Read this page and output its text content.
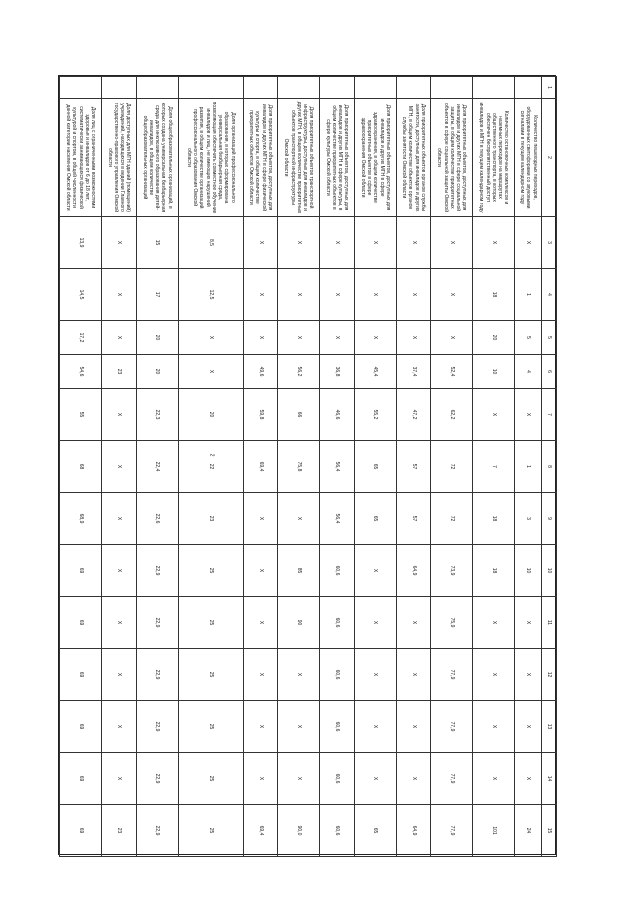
2
1	2	3	4	5	6	7	8	9	10	11	12	13	14	15
	Количество пешеходных переходов, оборудованных светофорами со звуковыми сигналами в текущем календарном году	X	1	5	4	X	1	3	10	X	X	X	X	24
	Количество остановочных комплексов и наземных переходов на маршрутах общественного транспорта, в которых обеспечен беспрепятственный доступ инвалидов и МГН в текущем календарном году	X	18	20	10	X	7	18	18	X	X	X	X	101
	Доля приоритетных объектов, доступных для инвалидов и других МГН в сфере социальной защиты, в общем количестве приоритетных объектов в сфере социальной защиты Омской области	X	X	X	52,4	62,2	72	72	73,9	75,9	77,9	77,9	77,9	77,9
	Доля приоритетных объектов органов службы занятости, доступных для инвалидов и других МГН, в общем количестве объектов органов службы занятости Омской области	X	X	X	37,4	47,2	57	57	64,9	X	X	X	X	64,9
	Доля приоритетных объектов, доступных для инвалидов и других МГН в сфере здравоохранения, в общем количестве приоритетных объектов в сфере здравоохранения Омской области	X	X	X	45,4	55,2	65	65	X	X	X	X	X	65
	Доля приоритетных объектов, доступных для инвалидов и других МГН в сфере культуры, в общем количестве приоритетных объектов в сфере культуры Омской области	X	X	X	36,8	46,6	56,4	56,4	60,6	60,6	60,6	60,6	60,6	60,6
	Доля приоритетных объектов транспортной инфраструктуры, доступных для инвалидов и других МГН, в общем количестве приоритетных объектов транспортной инфраструктуры Омской области	X	X	X	56,2	66	75,8	X	85	90	X	X	X	90,0
	Доля приоритетных объектов, доступных для инвалидов и других МГН в сфере физической культуры и спорта, в общем количестве приоритетных объектов Омской области	X	X	X	49,6	59,8	69,4	X	X	X	X	X	X	69,4
	Доля организаций профессионального образования, в которых сформирована универсальная безбарьерная среда, позволяющая обеспечить совместное обучение инвалидов и лиц, не имеющих нарушений развития, в общем количестве организаций профессионального образования Омской области	8,5	12,5	X	X	20	22	23	25	25	25	25	25	25
	Доля общеобразовательных организаций, в которых создана универсальная безбарьерная среда для инклюзивного образования детей-инвалидов, в общем количестве общеобразовательных организаций	15	17	20	20	22,3	22,4	22,6	22,9	22,9	22,9	22,9	22,9	22,9
	Доля доступных для МГН зданий (помещений) учреждений, находящихся в ведении Главного государственно-правового управления Омской области	X	X	X	23	X	X	X	X	X	X	X	X	23
	Доля лиц с ограниченными возможностями здоровья и инвалидов от 6 до 18 лет, систематически занимающихся физической культурой и спортом, в общей численности данной категории населения Омской области	13,9	14,5	17,2	54,6	55	68	68,9	69	69	69	69	69	69
